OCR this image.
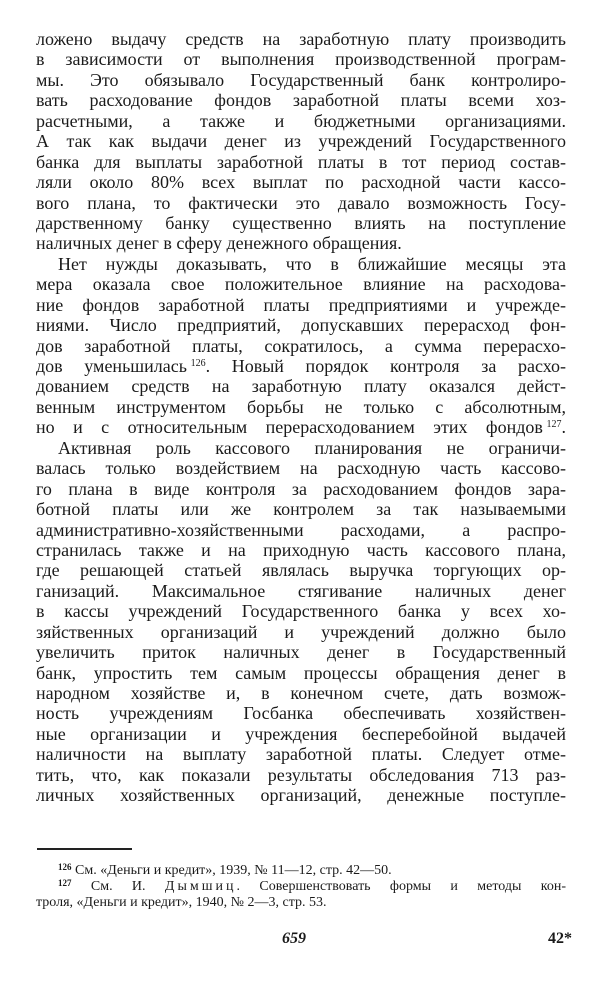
ложено выдачу средств на заработную плату производить
в зависимости от выполнения производственной програм-
мы. Это обязывало Государственный банк контролиро-
вать расходование фондов заработной платы всеми хоз-
расчетными, а также и бюджетными организациями.
А так как выдачи денег из учреждений Государственного
банка для выплаты заработной платы в тот период состав-
ляли около 80% всех выплат по расходной части кассо-
вого плана, то фактически это давало возможность Госу-
дарственному банку существенно влиять на поступление
наличных денег в сферу денежного обращения.
Нет нужды доказывать, что в ближайшие месяцы эта
мера оказала свое положительное влияние на расходова-
ние фондов заработной платы предприятиями и учрежде-
ниями. Число предприятий, допускавших перерасход фон-
дов заработной платы, сократилось, а сумма перерасхо-
дов уменьшилась  $^{126}$. Новый порядок контроля за расхо-
дованием средств на заработную плату оказался дейст-
венным инструментом борьбы не только с абсолютным,
но и с относительным перерасходованием этих фондов  $^{127}$.
Активная роль кассового планирования не ограничи-
валась только воздействием на расходную часть кассово-
го плана в виде контроля за расходованием фондов зара-
ботной платы или же контролем за так называемыми
административно-хозяйственными расходами, а распро-
странилась также и на приходную часть кассового плана,
где решающей статьей являлась выручка торгующих ор-
ганизаций. Максимальное стягивание наличных денег
в кассы учреждений Государственного банка у всех хо-
зяйственных организаций и учреждений должно было
увеличить приток наличных денег в Государственный
банк, упростить тем самым процессы обращения денег в
народном хозяйстве и, в конечном счете, дать возмож-
ность учреждениям Госбанка обеспечивать хозяйствен-
ные организации и учреждения бесперебойной выдачей
наличности на выплату заработной платы. Следует отме-
тить, что, как показали результаты обследования 713 раз-
личных хозяйственных организаций, денежные поступле-
$^{126}$ См. «Деньги и кредит», 1939, № 11—12, стр. 42—50.
$^{127}$ См. И. Дымшиц. Совершенствовать формы и методы кон-
троля, «Деньги и кредит», 1940, № 2—3, стр. 53.
659	42*
